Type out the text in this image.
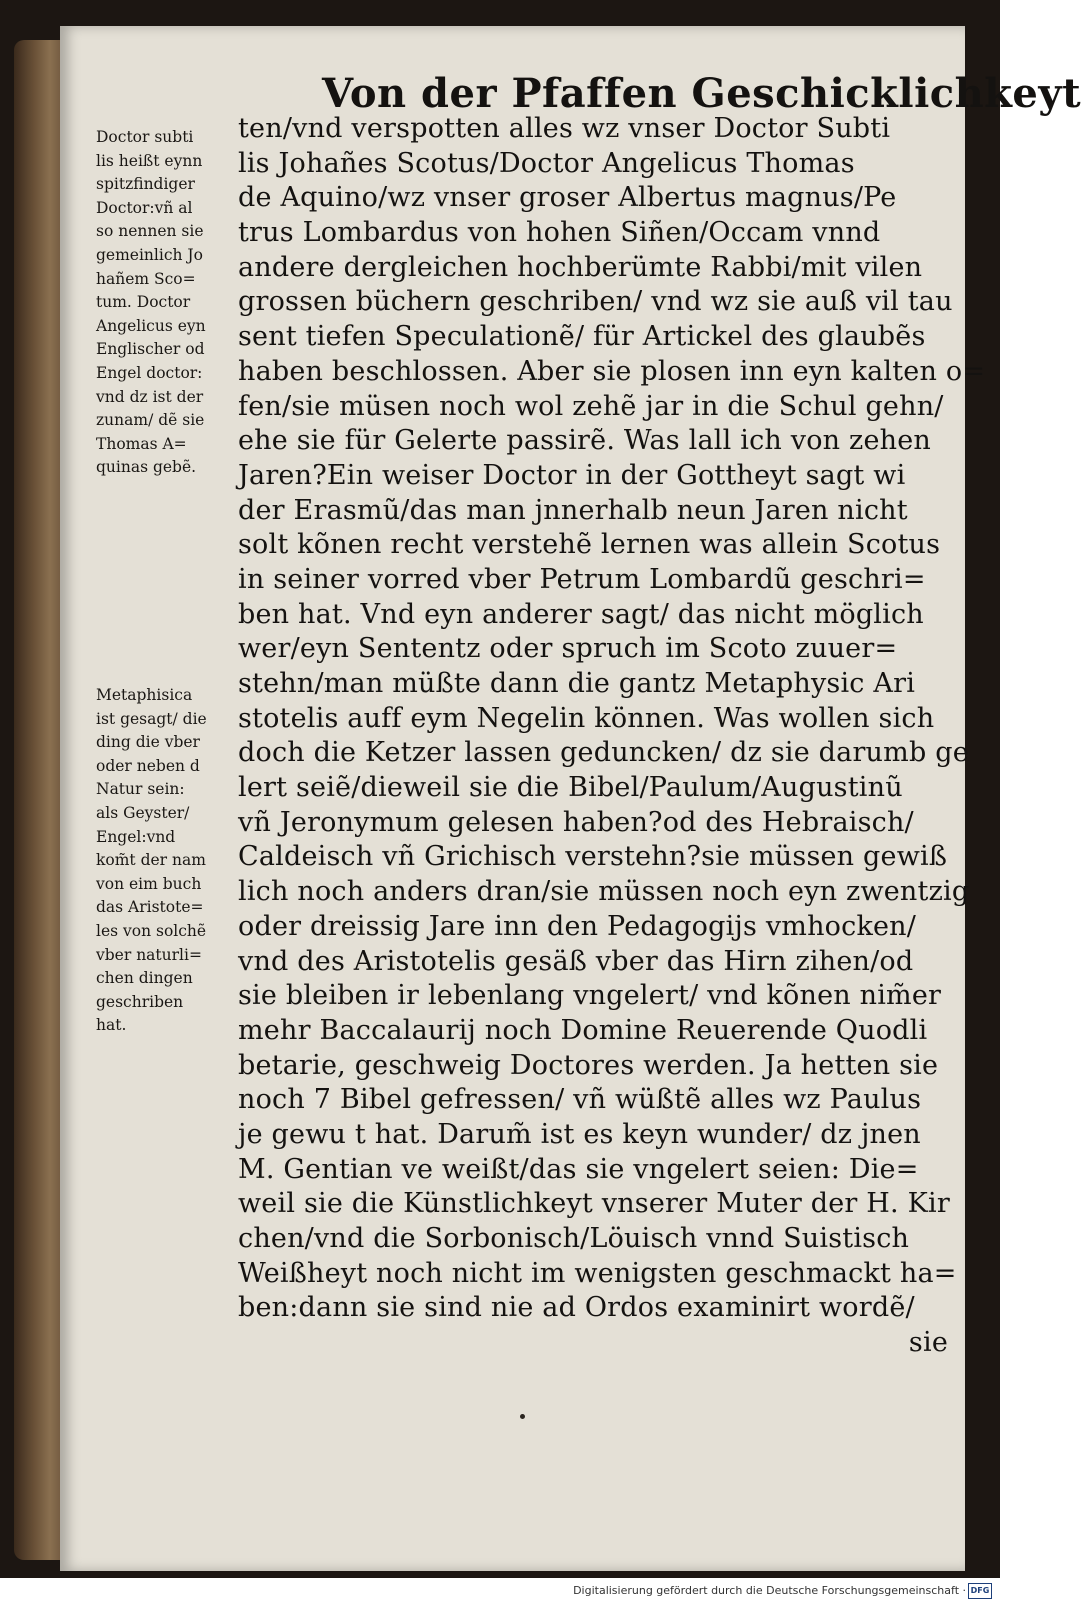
Von der Pfaffen Geschicklichkeyt
Doctor subti
lis heißt eynn
spitzfindiger
Doctor:vñ al
so nennen sie
gemeinlich Jo
hañem Sco=
tum. Doctor
Angelicus eyn
Englischer od
Engel doctor:
vnd dz ist der
zunam/ dẽ sie
Thomas A=
quinas gebẽ.
Metaphisica
ist gesagt/ die
ding die vber
oder neben d
Natur sein:
als Geyster/
Engel:vnd
kom̃t der nam
von eim buch
das Aristote=
les von solchẽ
vber naturli=
chen dingen
geschriben
hat.
ten/vnd verspotten alles wz vnser Doctor Subti
lis Johañes Scotus/Doctor Angelicus Thomas
de Aquino/wz vnser groser Albertus magnus/Pe
trus Lombardus von hohen Siñen/Occam vnnd
andere dergleichen hochberümte Rabbi/mit vilen
grossen büchern geschriben/ vnd wz sie auß vil tau
sent tiefen Speculationẽ/ für Artickel des glaubẽs
haben beschlossen. Aber sie plosen inn eyn kalten o=
fen/sie müsen noch wol zehẽ jar in die Schul gehn/
ehe sie für Gelerte passirẽ. Was lall ich von zehen
Jaren?Ein weiser Doctor in der Gottheyt sagt wi
der Erasmũ/das man jnnerhalb neun Jaren nicht
solt kõnen recht verstehẽ lernen was allein Scotus
in seiner vorred vber Petrum Lombardũ geschri=
ben hat. Vnd eyn anderer sagt/ das nicht möglich
wer/eyn Sententz oder spruch im Scoto zuuer=
stehn/man müßte dann die gantz Metaphysic Ari
stotelis auff eym Negelin können. Was wollen sich
doch die Ketzer lassen geduncken/ dz sie darumb ge
lert seiẽ/dieweil sie die Bibel/Paulum/Augustinũ
vñ Jeronymum gelesen haben?od des Hebraisch/
Caldeisch vñ Grichisch verstehn?sie müssen gewiß
lich noch anders dran/sie müssen noch eyn zwentzig
oder dreissig Jare inn den Pedagogijs vmhocken/
vnd des Aristotelis gesäß vber das Hirn zihen/od
sie bleiben ir lebenlang vngelert/ vnd kõnen nim̃er
mehr Baccalaurij noch Domine Reuerende Quodli
betarie, geschweig Doctores werden. Ja hetten sie
noch 7 Bibel gefressen/ vñ wüßtẽ alles wz Paulus
je gewu t hat. Darum̃ ist es keyn wunder/ dz jnen
M. Gentian ve weißt/das sie vngelert seien: Die=
weil sie die Künstlichkeyt vnserer Muter der H. Kir
chen/vnd die Sorbonisch/Löuisch vnnd Suistisch
Weißheyt noch nicht im wenigsten geschmackt ha=
ben:dann sie sind nie ad Ordos examinirt wordẽ/
sie
Digitalisierung gefördert durch die Deutsche Forschungsgemeinschaft · DFG
